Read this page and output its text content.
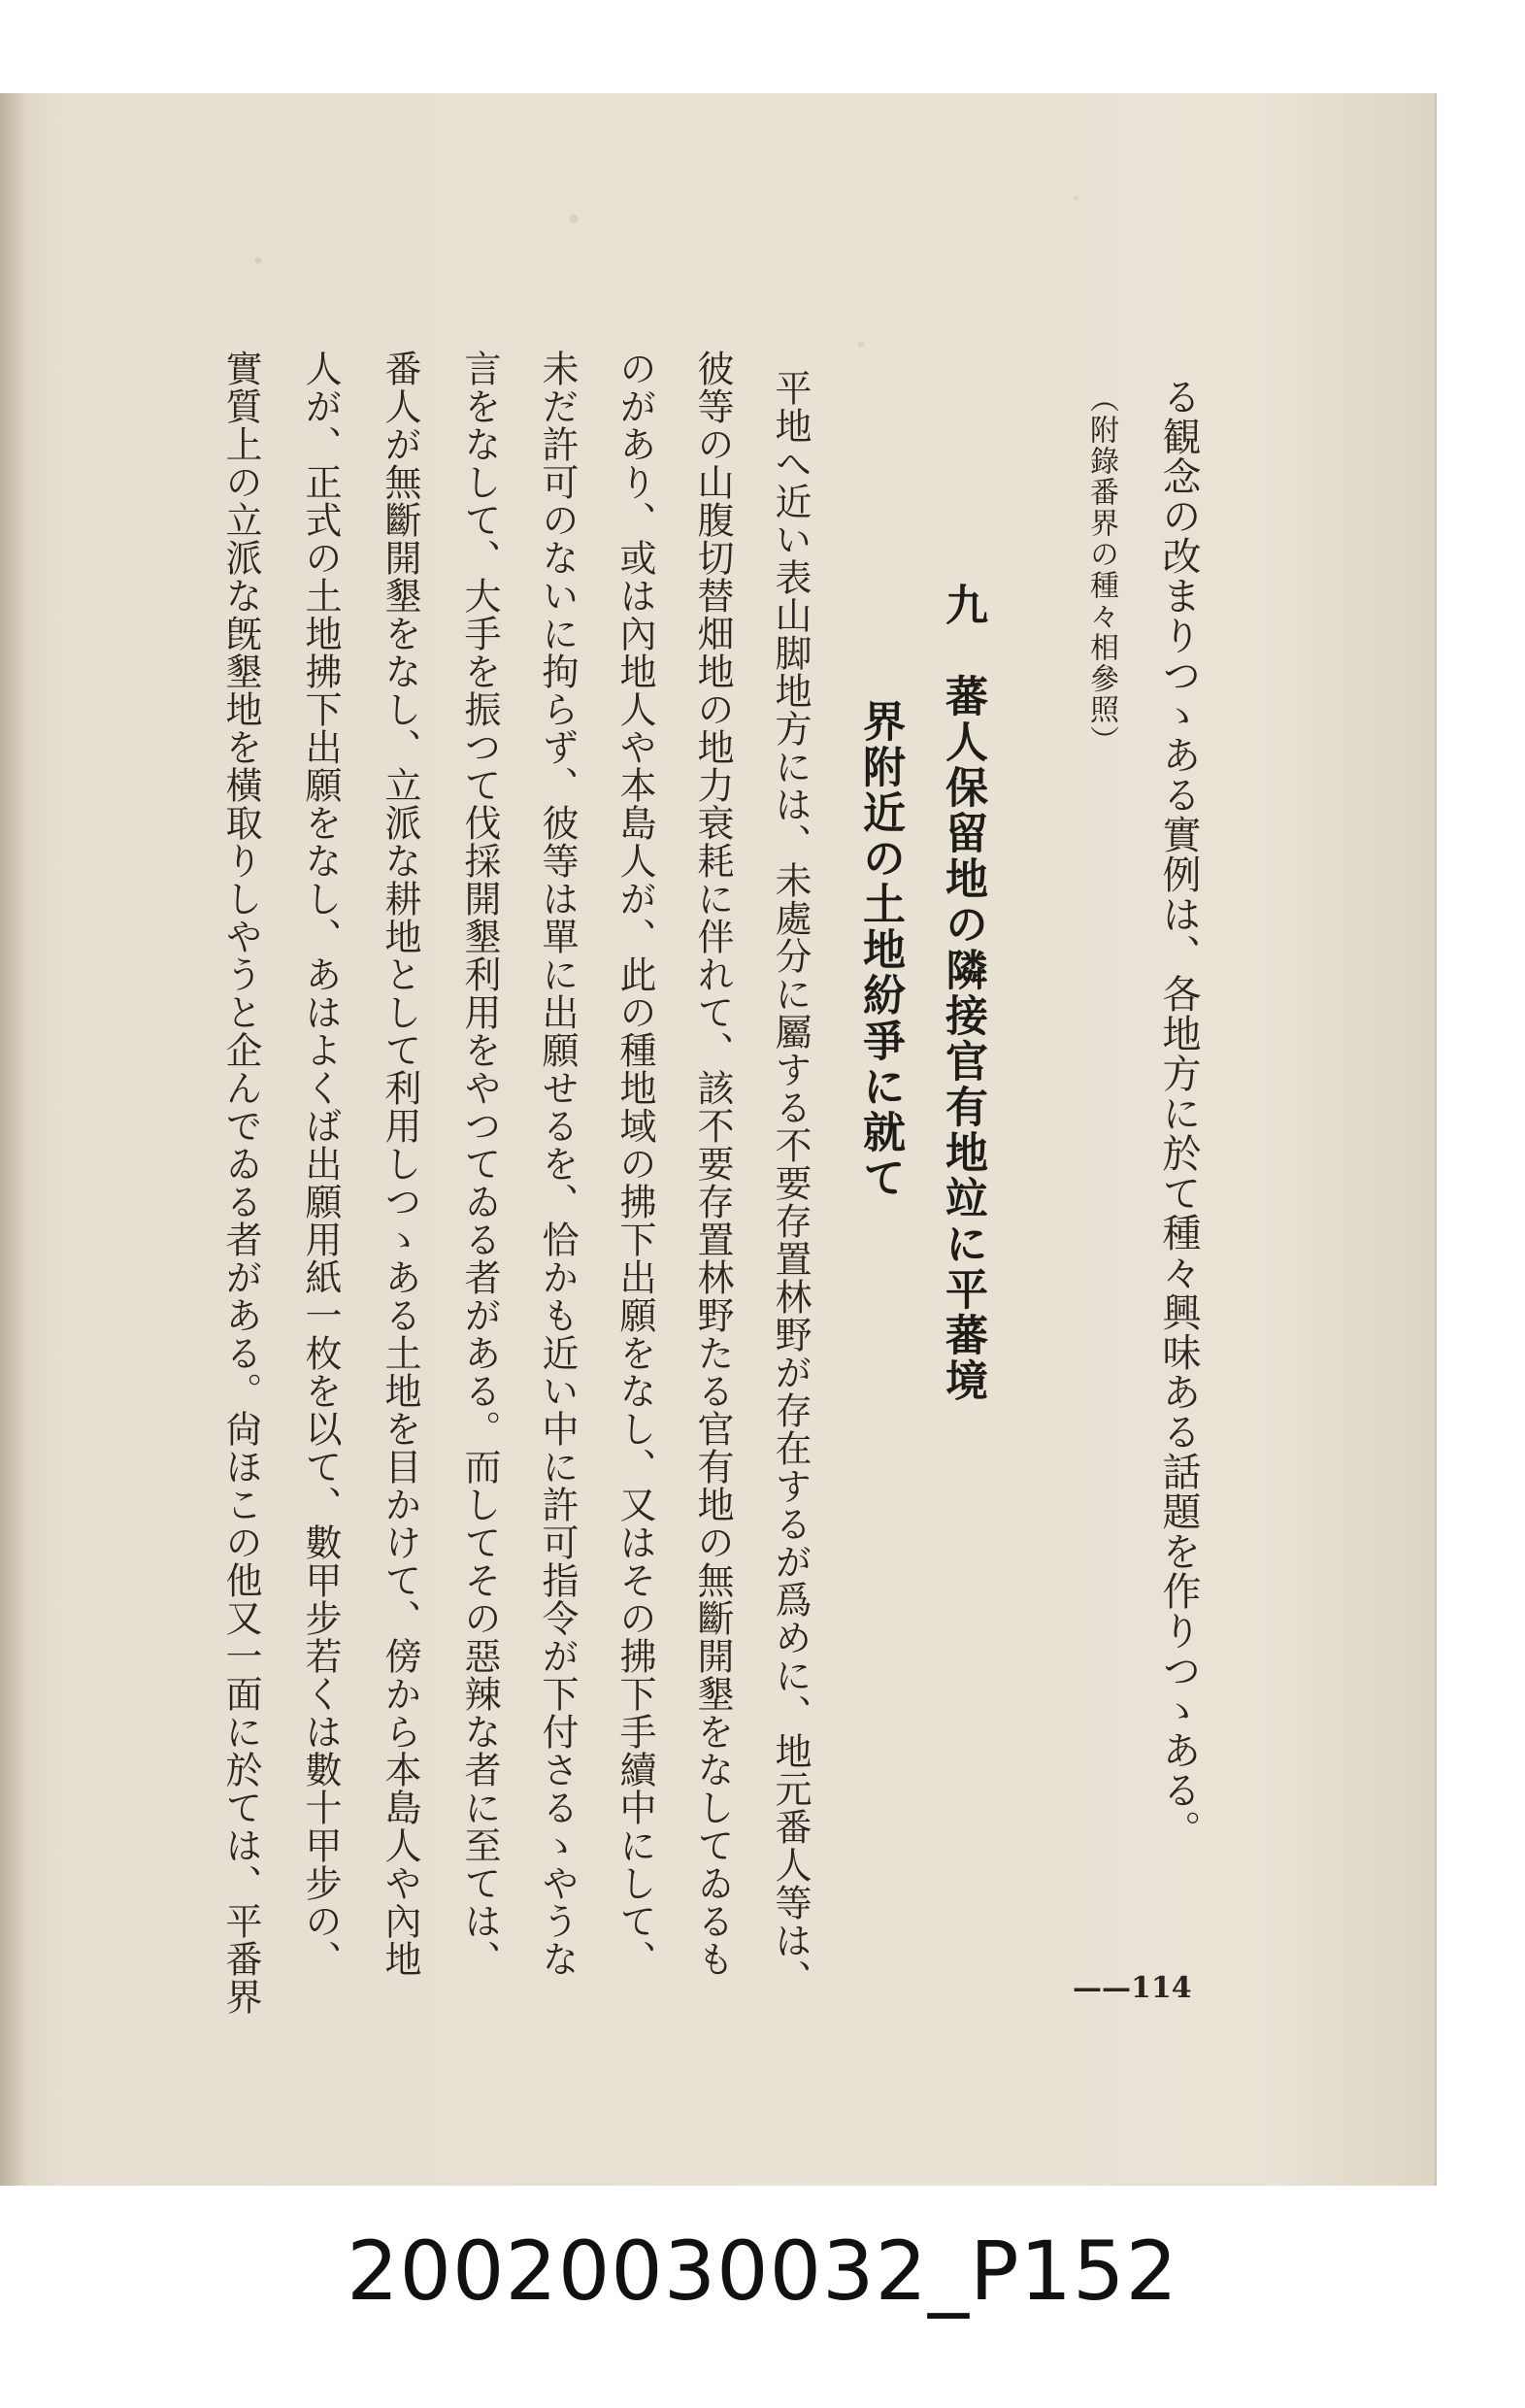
る観念の改まりつゝある實例は、各地方に於て種々興味ある話題を作りつゝある。
（附錄番界の種々相參照）
九　蕃人保留地の隣接官有地竝に平蕃境
界附近の土地紛爭に就て
平地へ近い表山脚地方には、未處分に屬する不要存置林野が存在するが爲めに、地元番人等は、
彼等の山腹切替畑地の地力衰耗に伴れて、該不要存置林野たる官有地の無斷開墾をなしてゐるも
のがあり、或は內地人や本島人が、此の種地域の拂下出願をなし、又はその拂下手續中にして、
未だ許可のないに拘らず、彼等は單に出願せるを、恰かも近い中に許可指令が下付さるゝやうな
言をなして、大手を振つて伐採開墾利用をやつてゐる者がある。而してその惡辣な者に至ては、
番人が無斷開墾をなし、立派な耕地として利用しつゝある土地を目かけて、傍から本島人や內地
人が、正式の土地拂下出願をなし、あはよくば出願用紙一枚を以て、數甲步若くは數十甲步の、
實質上の立派な旣墾地を橫取りしやうと企んでゐる者がある。尙ほこの他又一面に於ては、平番界	——114
20020030032_P152
